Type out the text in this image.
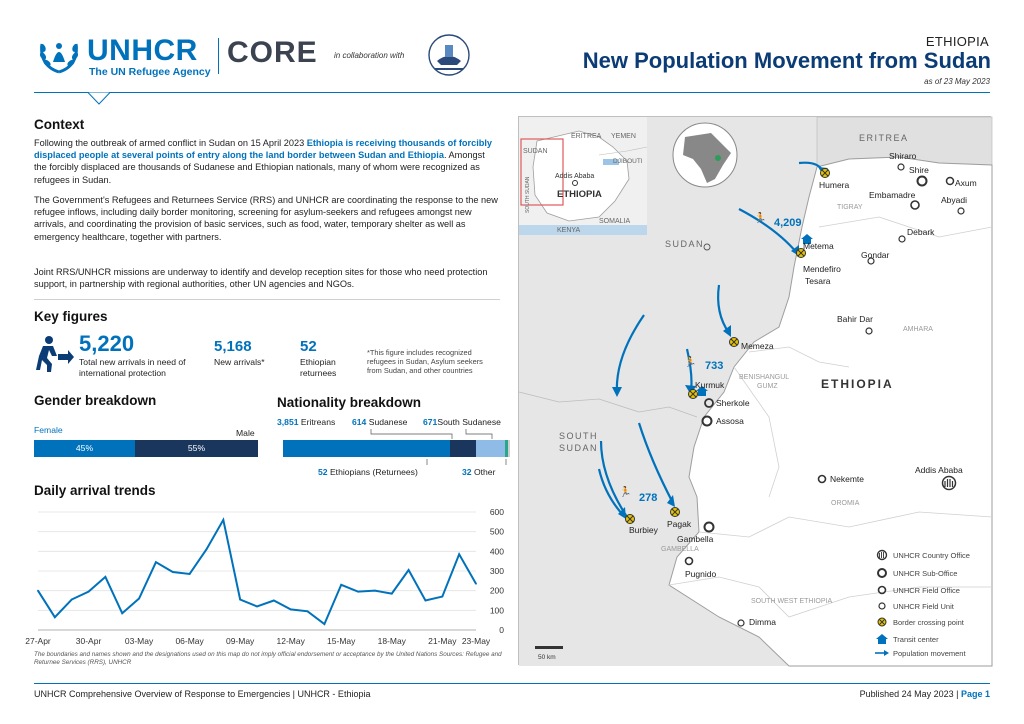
UNHCR
The UN Refugee Agency
CORE in collaboration with
ETHIOPIA
New Population Movement from Sudan
as of 23 May 2023
Context
Following the outbreak of armed conflict in Sudan on 15 April 2023 Ethiopia is receiving thousands of forcibly displaced people at several points of entry along the land border between Sudan and Ethiopia. Amongst the forcibly displaced are thousands of Sudanese and Ethiopian nationals, many of whom were recognized as refugees in Sudan.
The Government's Refugees and Returnees Service (RRS) and UNHCR are coordinating the response to the new refugee inflows, including daily border monitoring, screening for asylum-seekers and refugees amongst new arrivals, and coordinating the provision of basic services, such as food, water, temporary shelter as well as emergency healthcare, together with partners.
Joint RRS/UNHCR missions are underway to identify and develop reception sites for those who need protection support, in partnership with regional authorities, other UN agencies and NGOs.
Key figures
5,220
Total new arrivals in need of international protection
5,168
New arrivals*
52
Ethiopian returnees
*This figure includes recognized refugees in Sudan, Asylum seekers from Sudan, and other countries
Gender breakdown
Female	Male
45%	55%
Nationality breakdown
3,851 Eritreans 614 Sudanese 671South Sudanese
52 Ethiopians (Returnees)	32 Other
Daily arrival trends
0
100
200
300
400
500
600
27-Apr	30-Apr	03-May	06-May	09-May	12-May	15-May	18-May	21-May 23-May
The boundaries and names shown and the designations used on this map do not imply official endorsement or acceptance by the United Nations Sources: Refugee and Returnee Services (RRS), UNHCR
ERITREA YEMEN
SUDAN
DJIBOUTI
Addis Ababa
ETHIOPIA
SOUTH SUDAN
KENYA
SOMALIA
ERITREA
SUDAN
SOUTH
SUDAN
ETHIOPIA
TIGRAY
AMHARA
BENISHANGUL
GUMZ
OROMIA
GAMBELLA
SOUTH WEST ETHIOPIA
🏃 4,209
🏃 733
🏃 278
Humera
Shiraro
Shire
Axum
Embamadre	Abyadi
Debark
Metema
Mendefiro
Tesara
Gondar
Bahir Dar
Memeza
Kurmuk
Sherkole
Assosa
Nekemte
Addis Ababa
Pagak
Burbiey
Gambella
Pugnido
Dimma
50 km
UNHCR Country Office
UNHCR Sub-Office
UNHCR Field Office
UNHCR Field Unit
Border crossing point
Transit center
Population movement
UNHCR Comprehensive Overview of Response to Emergencies | UNHCR - Ethiopia	Published 24 May 2023 | Page 1
